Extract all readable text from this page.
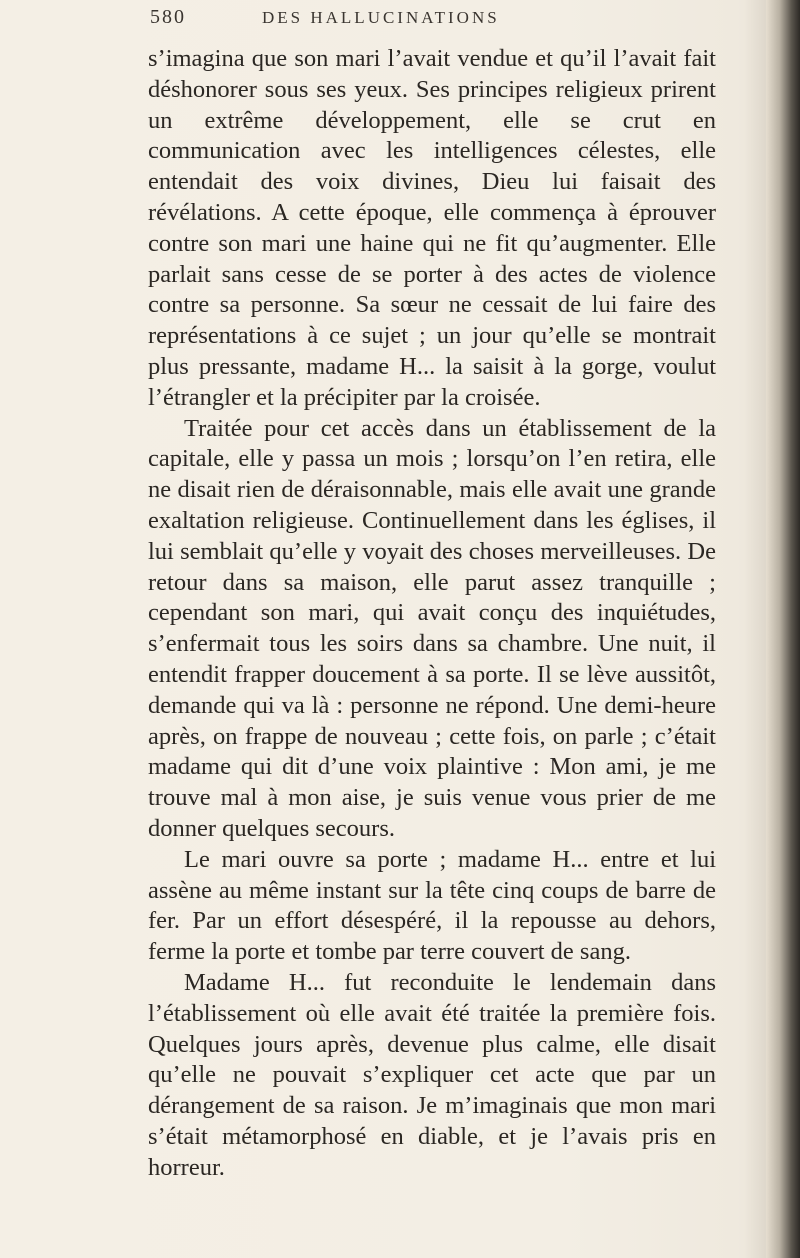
580	DES HALLUCINATIONS

s’imagina que son mari l’avait vendue et qu’il l’avait fait déshonorer sous ses yeux. Ses principes religieux prirent un extrême développement, elle se crut en communication avec les intelligences célestes, elle entendait des voix divines, Dieu lui faisait des révélations. A cette époque, elle commença à éprouver contre son mari une haine qui ne fit qu’augmenter. Elle parlait sans cesse de se porter à des actes de violence contre sa personne. Sa sœur ne cessait de lui faire des représentations à ce sujet ; un jour qu’elle se montrait plus pressante, madame H... la saisit à la gorge, voulut l’étrangler et la précipiter par la croisée.

Traitée pour cet accès dans un établissement de la capitale, elle y passa un mois ; lorsqu’on l’en retira, elle ne disait rien de déraisonnable, mais elle avait une grande exaltation religieuse. Continuellement dans les églises, il lui semblait qu’elle y voyait des choses merveilleuses. De retour dans sa maison, elle parut assez tranquille ; cependant son mari, qui avait conçu des inquiétudes, s’enfermait tous les soirs dans sa chambre. Une nuit, il entendit frapper doucement à sa porte. Il se lève aussitôt, demande qui va là : personne ne répond. Une demi-heure après, on frappe de nouveau ; cette fois, on parle ; c’était madame qui dit d’une voix plaintive : Mon ami, je me trouve mal à mon aise, je suis venue vous prier de me donner quelques secours.

Le mari ouvre sa porte ; madame H... entre et lui assène au même instant sur la tête cinq coups de barre de fer. Par un effort désespéré, il la repousse au dehors, ferme la porte et tombe par terre couvert de sang.

Madame H... fut reconduite le lendemain dans l’établissement où elle avait été traitée la première fois. Quelques jours après, devenue plus calme, elle disait qu’elle ne pouvait s’expliquer cet acte que par un dérangement de sa raison. Je m’imaginais que mon mari s’était métamorphosé en diable, et je l’avais pris en horreur.
